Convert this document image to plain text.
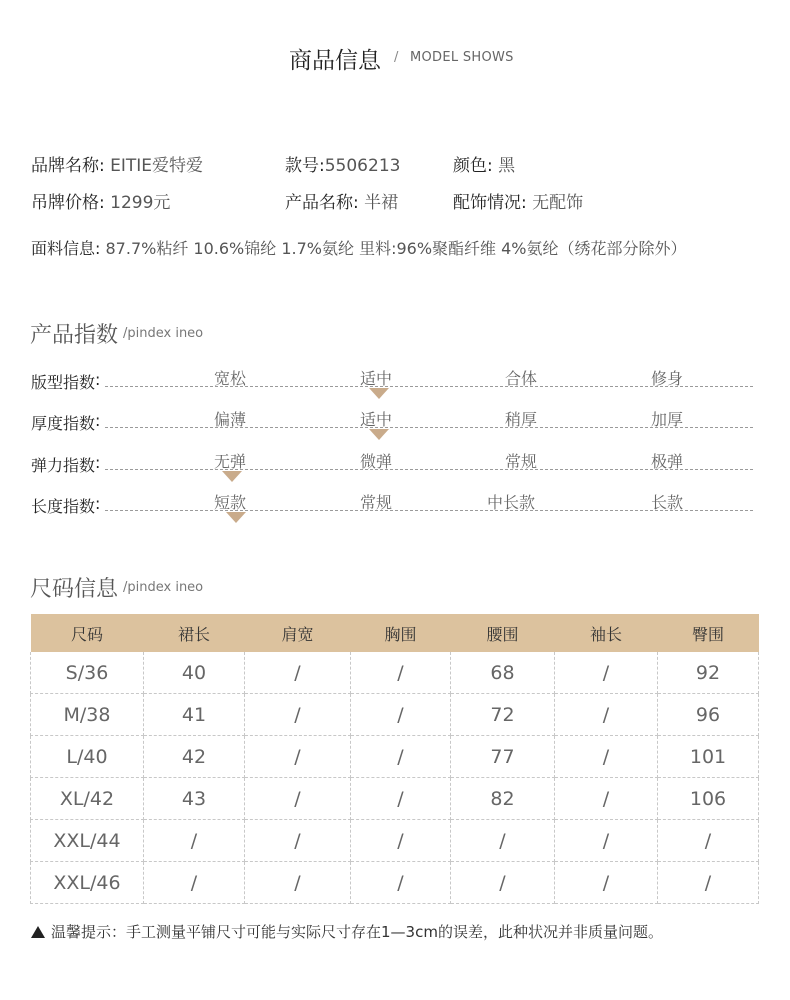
商品信息 / MODEL SHOWS
品牌名称: EITIE爱特爱	款号:5506213	颜色: 黑
吊牌价格: 1299元	产品名称: 半裙	配饰情况: 无配饰
面料信息: 87.7%粘纤 10.6%锦纶 1.7%氨纶 里料:96%聚酯纤维 4%氨纶（绣花部分除外）
产品指数 /pindex ineo
版型指数 :	宽松	适中	合体	修身
厚度指数 :	偏薄	适中	稍厚	加厚
弹力指数 :	无弹	微弹	常规	极弹
长度指数 :	短款	常规	中长款	长款
尺码信息 /pindex ineo
尺码	裙长	肩宽	胸围	腰围	袖长	臀围
S/36	40	/	/	68	/	92
M/38	41	/	/	72	/	96
L/40	42	/	/	77	/	101
XL/42	43	/	/	82	/	106
XXL/44	/	/	/	/	/	/
XXL/46	/	/	/	/	/	/
温馨提示：手工测量平铺尺寸可能与实际尺寸存在1—3cm的误差，此种状况并非质量问题。
